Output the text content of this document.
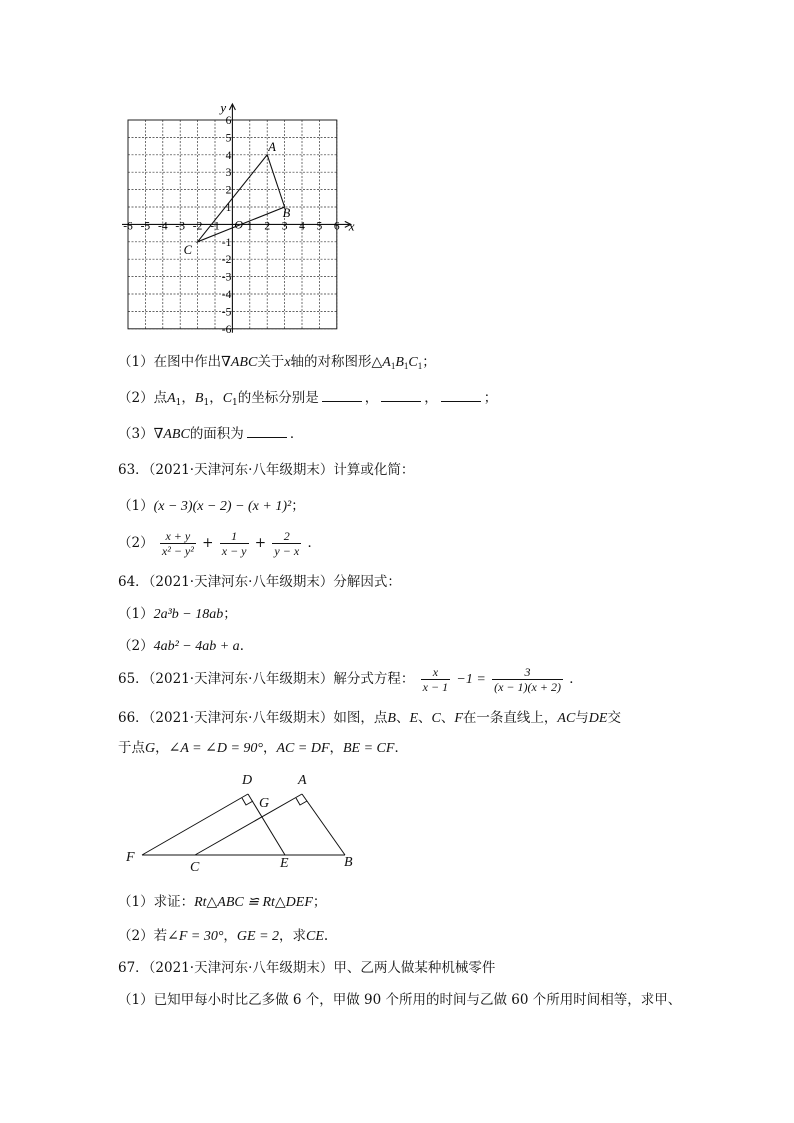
x
y
O
-6 -5 -4 -3 -2 -1 1 2 3 4 5 6
6
5
4
3
2
1
-1
-2
-3
-4
-5
-6
A
B
C
（1）在图中作出∇ABC关于x轴的对称图形$\triangle A_1B_1C_1$；
（2）点$A_1$，$B_1$，$C_1$的坐标分别是	，	，	；
（3）∇ABC的面积为	．
63．（2021·天津河东·八年级期末）计算或化简：
（1）(x − 3)(x − 2) − (x + 1)²；
$(2) \frac{x + y}{\text{x² − y²}} + \frac{1}{x - y} + \frac{2}{y - x}$ ．
64．（2021·天津河东·八年级期末）分解因式：
（1）2a³b − 18ab；
（2）4ab² − 4ab + a．
65．（2021·天津河东·八年级期末）解分式方程： $\frac{x}{x - 1} -1 = \frac{3}{(x - 1)(x + 2)}$ ．
66．（2021·天津河东·八年级期末）如图，点B、E、C、F在一条直线上，AC与DE交
于点G，∠A = ∠D = 90°，AC = DF，BE = CF．
D	A
G
F
C	E	B
（1）求证：Rt△ABC ≌ Rt△DEF；
（2）若∠F = 30°，GE = 2，求CE.
67．（2021·天津河东·八年级期末）甲、乙两人做某种机械零件
（1）已知甲每小时比乙多做 6 个，甲做 90 个所用的时间与乙做 60 个所用时间相等，求甲、
